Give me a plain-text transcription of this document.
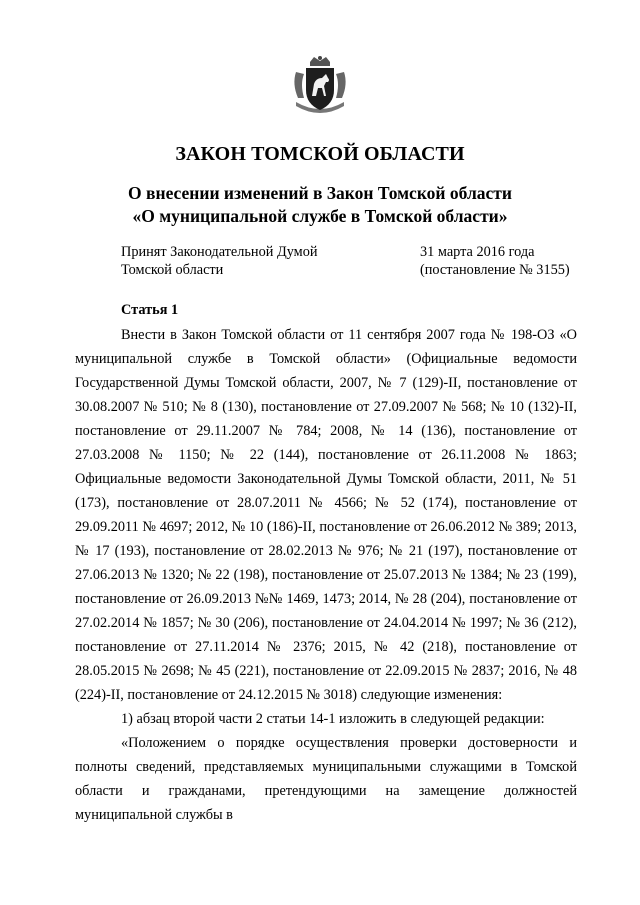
ЗАКОН ТОМСКОЙ ОБЛАСТИ
О внесении изменений в Закон Томской области
«О муниципальной службе в Томской области»
Принят Законодательной Думой
Томской области
31 марта 2016 года
(постановление № 3155)
Статья 1

Внести в Закон Томской области от 11 сентября 2007 года № 198-ОЗ «О муниципальной службе в Томской области» (Официальные ведомости Государственной Думы Томской области, 2007, № 7 (129)-II, постановление от 30.08.2007 № 510; № 8 (130), постановление от 27.09.2007 № 568; № 10 (132)-II, постановление от 29.11.2007 № 784; 2008, № 14 (136), постановление от 27.03.2008 № 1150; № 22 (144), постановление от 26.11.2008 № 1863; Официальные ведомости Законодательной Думы Томской области, 2011, № 51 (173), постановление от 28.07.2011 № 4566; № 52 (174), постановление от 29.09.2011 № 4697; 2012, № 10 (186)-II, постановление от 26.06.2012 № 389; 2013, № 17 (193), постановление от 28.02.2013 № 976; № 21 (197), постановление от 27.06.2013 № 1320; № 22 (198), постановление от 25.07.2013 № 1384; № 23 (199), постановление от 26.09.2013 №№ 1469, 1473; 2014, № 28 (204), постановление от 27.02.2014 № 1857; № 30 (206), постановление от 24.04.2014 № 1997; № 36 (212), постановление от 27.11.2014 № 2376; 2015, № 42 (218), постановление от 28.05.2015 № 2698; № 45 (221), постановление от 22.09.2015 № 2837; 2016, № 48 (224)-II, постановление от 24.12.2015 № 3018) следующие изменения:

1) абзац второй части 2 статьи 14-1 изложить в следующей редакции:

«Положением о порядке осуществления проверки достоверности и полноты сведений, представляемых муниципальными служащими в Томской области и гражданами, претендующими на замещение должностей муниципальной службы в
